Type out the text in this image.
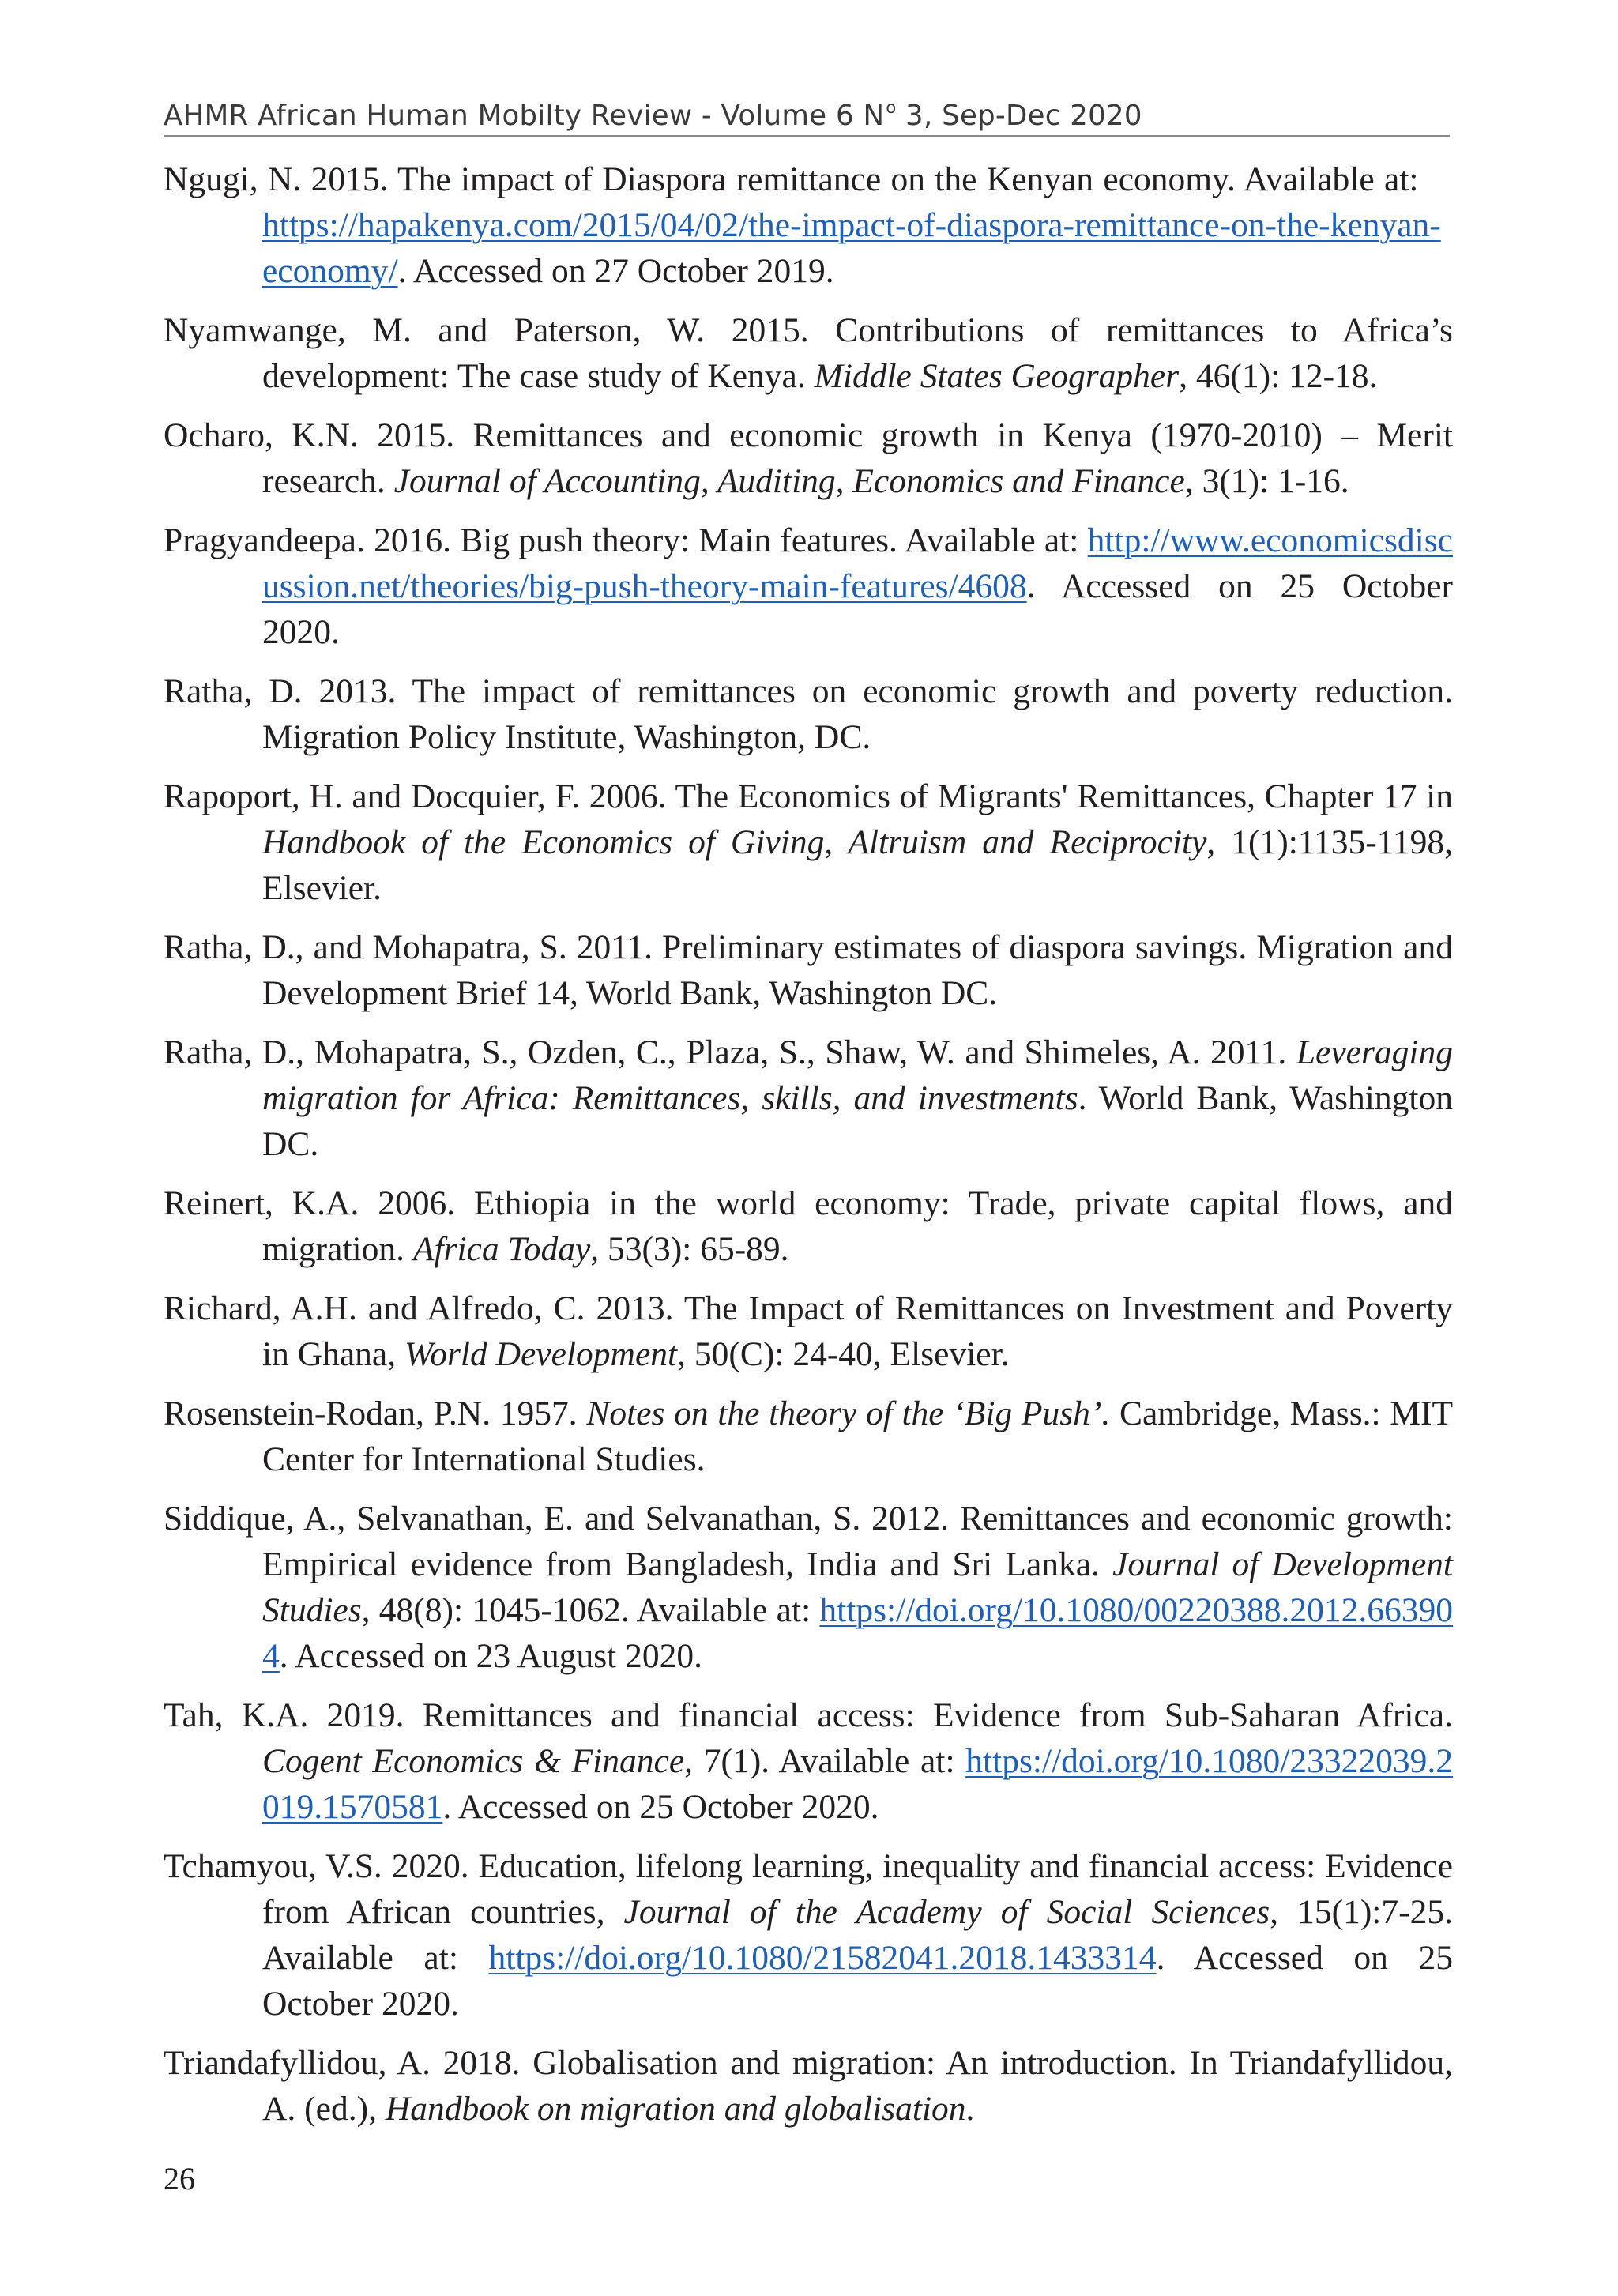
AHMR African Human Mobilty Review - Volume 6 $N^o$ 3, Sep-Dec 2020

Ngugi, N. 2015. The impact of Diaspora remittance on the Kenyan economy. Available at:  https://hapakenya.com/2015/04/02/the-impact-of-diaspora-remittance-on-the-kenyan-economy/. Accessed on 27 October 2019.

Nyamwange, M. and Paterson, W. 2015. Contributions of remittances to Africa’s development: The case study of Kenya. Middle States Geographer, 46(1): 12-18.

Ocharo, K.N. 2015. Remittances and economic growth in Kenya (1970-2010) – Merit research. Journal of Accounting, Auditing, Economics and Finance, 3(1): 1-16.

Pragyandeepa. 2016. Big push theory: Main features. Available at: http://www.economicsdiscussion.net/theories/big-push-theory-main-features/4608. Accessed on 25 October 2020.

Ratha, D. 2013. The impact of remittances on economic growth and poverty reduction. Migration Policy Institute, Washington, DC.

Rapoport, H. and Docquier, F. 2006. The Economics of Migrants' Remittances, Chapter 17 in Handbook of the Economics of Giving, Altruism and Reciprocity, 1(1):1135-1198, Elsevier.

Ratha, D., and Mohapatra, S. 2011. Preliminary estimates of diaspora savings. Migration and Development Brief 14, World Bank, Washington DC.

Ratha, D., Mohapatra, S., Ozden, C., Plaza, S., Shaw, W. and Shimeles, A. 2011. Leveraging migration for Africa: Remittances, skills, and investments. World Bank, Washington DC.

Reinert, K.A. 2006. Ethiopia in the world economy: Trade, private capital flows, and migration. Africa Today, 53(3): 65-89.

Richard, A.H. and Alfredo, C. 2013. The Impact of Remittances on Investment and Poverty in Ghana, World Development, 50(C): 24-40, Elsevier.

Rosenstein-Rodan, P.N. 1957. Notes on the theory of the ‘Big Push’. Cambridge, Mass.: MIT Center for International Studies.

Siddique, A., Selvanathan, E. and Selvanathan, S. 2012. Remittances and economic growth: Empirical evidence from Bangladesh, India and Sri Lanka. Journal of Development Studies, 48(8): 1045-1062. Available at: https://doi.org/10.1080/00220388.2012.663904. Accessed on 23 August 2020.

Tah, K.A. 2019. Remittances and financial access: Evidence from Sub-Saharan Africa. Cogent Economics & Finance, 7(1). Available at: https://doi.org/10.1080/23322039.2019.1570581. Accessed on 25 October 2020.

Tchamyou, V.S. 2020. Education, lifelong learning, inequality and financial access: Evidence from African countries, Journal of the Academy of Social Sciences, 15(1):7-25. Available at: https://doi.org/10.1080/21582041.2018.1433314. Accessed on 25 October 2020.

Triandafyllidou, A. 2018. Globalisation and migration: An introduction. In Triandafyllidou, A. (ed.), Handbook on migration and globalisation.

26
